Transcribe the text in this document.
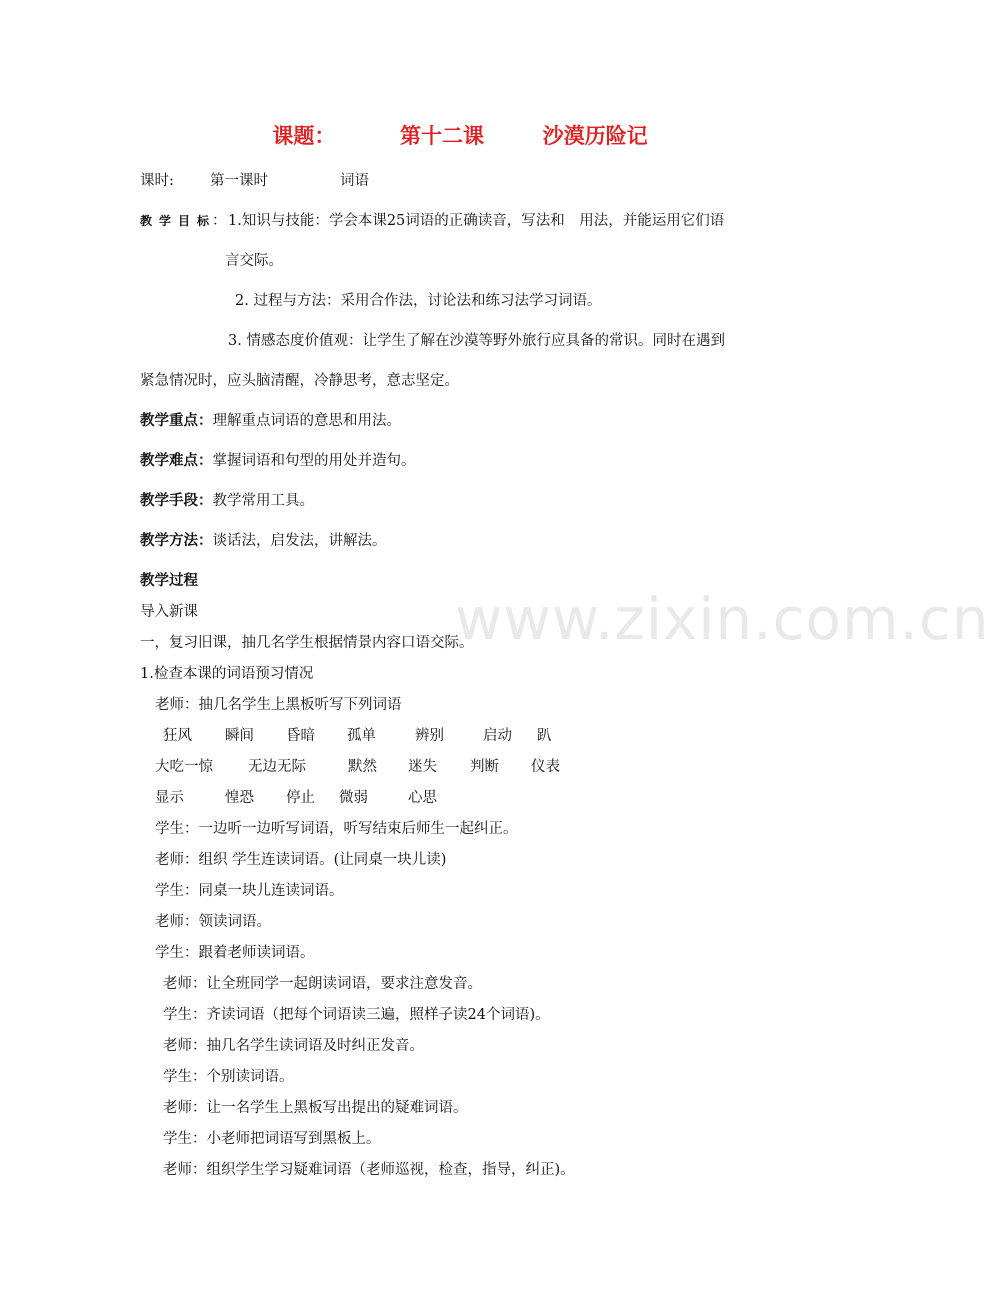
课题：	第十二课	沙漠历险记
课时: 第一课时	词语
教学目标
： 1.知识与技能：学会本课25词语的正确读音，写法和　用法，并能运用它们语
言交际。
2. 过程与方法：采用合作法，讨论法和练习法学习词语。
3. 情感态度价值观：让学生了解在沙漠等野外旅行应具备的常识。同时在遇到
紧急情况时，应头脑清醒，冷静思考，意志坚定。
教学重点：理解重点词语的意思和用法。
教学难点：掌握词语和句型的用处并造句。
教学手段：教学常用工具。
教学方法：谈话法，启发法，讲解法。
教学过程
导入新课
一，复习旧课，抽几名学生根据情景内容口语交际。
1.检查本课的词语预习情况
老师：抽几名学生上黑板听写下列词语
狂风 瞬间 昏暗 孤单	辨别	启动 趴
大吃一惊 无边无际	默然 迷失 判断 仪表
显示	惶恐 停止 微弱	心思
学生：一边听一边听写词语，听写结束后师生一起纠正。
老师：组织 学生连读词语。(让同桌一块儿读)
学生：同桌一块儿连读词语。
老师：领读词语。
学生：跟着老师读词语。
老师：让全班同学一起朗读词语，要求注意发音。
学生：齐读词语（把每个词语读三遍，照样子读24个词语)。
老师：抽几名学生读词语及时纠正发音。
学生：个别读词语。
老师：让一名学生上黑板写出提出的疑难词语。
学生：小老师把词语写到黑板上。
老师：组织学生学习疑难词语（老师巡视，检查，指导，纠正)。
www.zixin.com.cn
